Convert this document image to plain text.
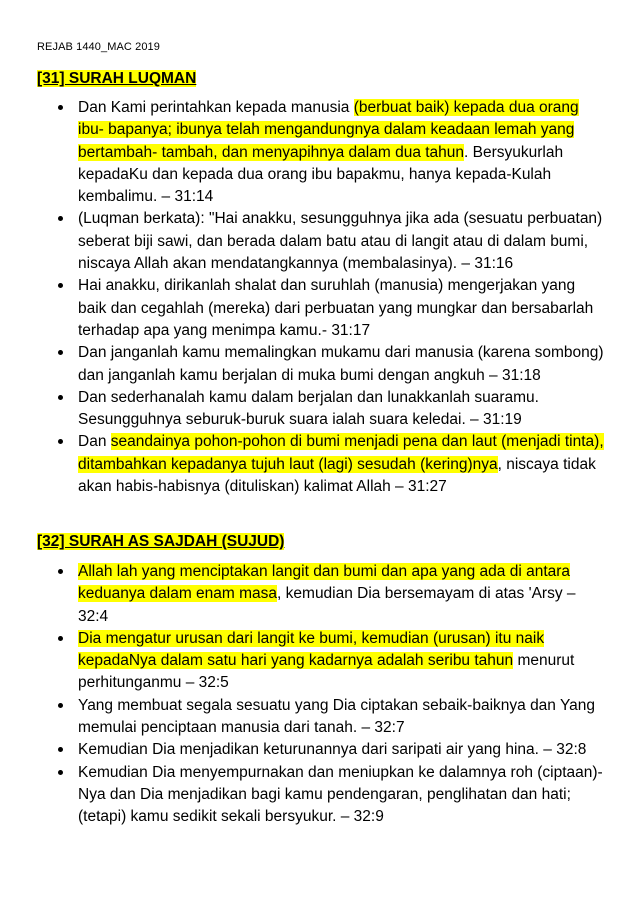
REJAB 1440_MAC 2019
[31] SURAH LUQMAN
Dan Kami perintahkan kepada manusia (berbuat baik) kepada dua orang ibu- bapanya; ibunya telah mengandungnya dalam keadaan lemah yang bertambah- tambah, dan menyapihnya dalam dua tahun. Bersyukurlah kepadaKu dan kepada dua orang ibu bapakmu, hanya kepada-Kulah kembalimu. – 31:14
(Luqman berkata): "Hai anakku, sesungguhnya jika ada (sesuatu perbuatan) seberat biji sawi, dan berada dalam batu atau di langit atau di dalam bumi, niscaya Allah akan mendatangkannya (membalasinya). – 31:16
Hai anakku, dirikanlah shalat dan suruhlah (manusia) mengerjakan yang baik dan cegahlah (mereka) dari perbuatan yang mungkar dan bersabarlah terhadap apa yang menimpa kamu.- 31:17
Dan janganlah kamu memalingkan mukamu dari manusia (karena sombong) dan janganlah kamu berjalan di muka bumi dengan angkuh – 31:18
Dan sederhanalah kamu dalam berjalan dan lunakkanlah suaramu. Sesungguhnya seburuk-buruk suara ialah suara keledai. – 31:19
Dan seandainya pohon-pohon di bumi menjadi pena dan laut (menjadi tinta), ditambahkan kepadanya tujuh laut (lagi) sesudah (kering)nya, niscaya tidak akan habis-habisnya (dituliskan) kalimat Allah – 31:27
[32] SURAH AS SAJDAH (SUJUD)
Allah lah yang menciptakan langit dan bumi dan apa yang ada di antara keduanya dalam enam masa, kemudian Dia bersemayam di atas 'Arsy – 32:4
Dia mengatur urusan dari langit ke bumi, kemudian (urusan) itu naik kepadaNya dalam satu hari yang kadarnya adalah seribu tahun menurut perhitunganmu – 32:5
Yang membuat segala sesuatu yang Dia ciptakan sebaik-baiknya dan Yang memulai penciptaan manusia dari tanah. – 32:7
Kemudian Dia menjadikan keturunannya dari saripati air yang hina. – 32:8
Kemudian Dia menyempurnakan dan meniupkan ke dalamnya roh (ciptaan)-Nya dan Dia menjadikan bagi kamu pendengaran, penglihatan dan hati; (tetapi) kamu sedikit sekali bersyukur. – 32:9
